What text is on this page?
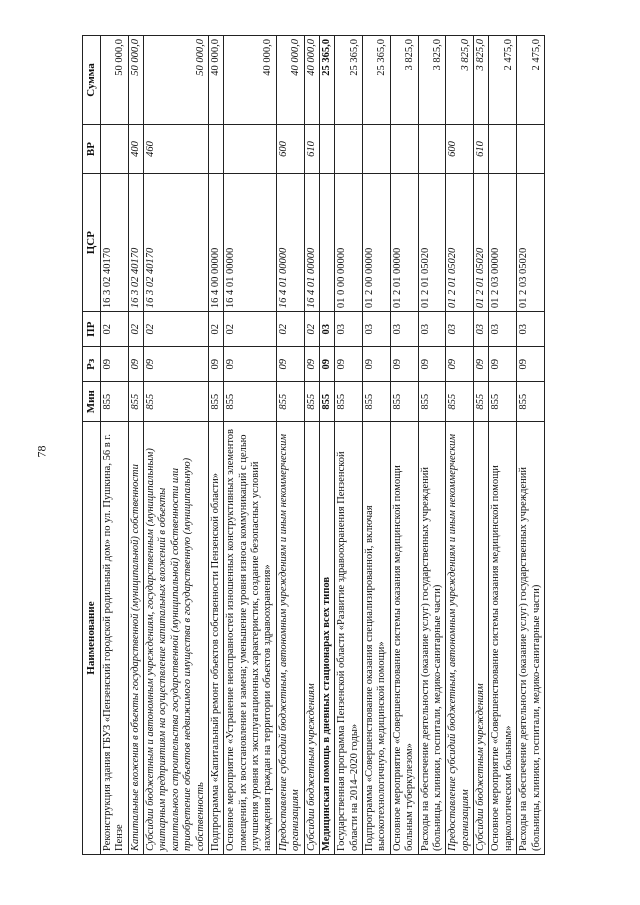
78
Наименование	Мин	Рз	ПР	ЦСР	ВР	Сумма
Реконструкция здания ГБУЗ «Пензенский городской родильный дом» по ул. Пушкина, 56 в г. Пензе	855	09	02	16 3 02 40170		50 000,0
Капитальные вложения в объекты государственной (муниципальной) собственности	855	09	02	16 3 02 40170	400	50 000,0
Субсидии бюджетным и автономным учреждениям, государственным (муниципальным) унитарным предприятиям на осуществление капитальных вложений в объекты капитального строительства государственной (муниципальной) собственности или приобретение объектов недвижимого имущества в государственную (муниципальную) собственность	855	09	02	16 3 02 40170	460	50 000,0
Подпрограмма «Капитальный ремонт объектов собственности Пензенской области»	855	09	02	16 4 00 00000		40 000,0
Основное мероприятие «Устранение неисправностей изношенных конструктивных элементов помещений, их восстановление и замена; уменьшение уровня износа коммуникаций с целью улучшения уровня их эксплуатационных характеристик, создание безопасных условий нахождения граждан на территории объектов здравоохранения»	855	09	02	16 4 01 00000		40 000,0
Предоставление субсидий бюджетным, автономным учреждениям и иным некоммерческим организациям	855	09	02	16 4 01 00000	600	40 000,0
Субсидии бюджетным учреждениям	855	09	02	16 4 01 00000	610	40 000,0
Медицинская помощь в дневных стационарах всех типов	855	09	03			25 365,0
Государственная программа Пензенской области «Развитие здравоохранения Пензенской области на 2014–2020 годы»	855	09	03	01 0 00 00000		25 365,0
Подпрограмма «Совершенствование оказания специализированной, включая высокотехнологичную, медицинской помощи»	855	09	03	01 2 00 00000		25 365,0
Основное мероприятие «Совершенствование системы оказания медицинской помощи больным туберкулезом»	855	09	03	01 2 01 00000		3 825,0
Расходы на обеспечение деятельности (оказание услуг) государственных учреждений (больницы, клиники, госпитали, медико-санитарные части)	855	09	03	01 2 01 05020		3 825,0
Предоставление субсидий бюджетным, автономным учреждениям и иным некоммерческим организациям	855	09	03	01 2 01 05020	600	3 825,0
Субсидии бюджетным учреждениям	855	09	03	01 2 01 05020	610	3 825,0
Основное мероприятие «Совершенствование системы оказания медицинской помощи наркологическим больным»	855	09	03	01 2 03 00000		2 475,0
Расходы на обеспечение деятельности (оказание услуг) государственных учреждений (больницы, клиники, госпитали, медико-санитарные части)	855	09	03	01 2 03 05020		2 475,0
